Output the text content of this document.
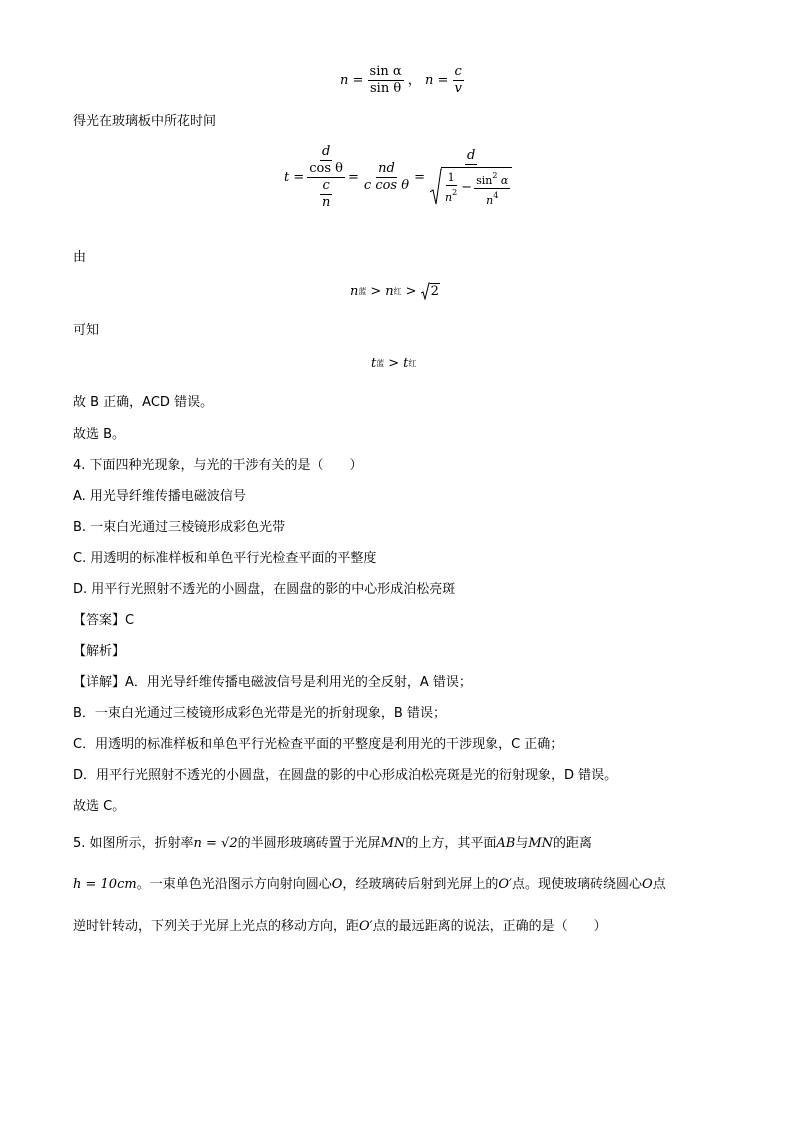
$n = \frac{\text{sin α}}{\text{sin θ}}$ ， $n = \frac{c}{v}$
得光在玻璃板中所花时间
$t = \frac{\frac{d}{\text{cos θ}}}{\frac{c}{n}} = \frac{nd}{\text{c cos θ}}$ =
d
$\frac{1}{n^2} - \frac{\sin^2 \alpha}{n^4}$
由
n 蓝 > n 红 > 2
可知
t 蓝 > t 红
故 B 正确，ACD 错误。
故选 B。
4. 下面四种光现象，与光的干涉有关的是（　　）
A. 用光导纤维传播电磁波信号
B. 一束白光通过三棱镜形成彩色光带
C. 用透明的标准样板和单色平行光检查平面的平整度
D. 用平行光照射不透光的小圆盘，在圆盘的影的中心形成泊松亮斑
【答案】C
【解析】
【详解】A．用光导纤维传播电磁波信号是利用光的全反射，A 错误；
B．一束白光通过三棱镜形成彩色光带是光的折射现象，B 错误；
C．用透明的标准样板和单色平行光检查平面的平整度是利用光的干涉现象，C 正确；
D．用平行光照射不透光的小圆盘，在圆盘的影的中心形成泊松亮斑是光的衍射现象，D 错误。
故选 C。
5. 如图所示，折射率n = √2的半圆形玻璃砖置于光屏MN的上方，其平面AB与MN的距离
h = 10cm。一束单色光沿图示方向射向圆心O，经玻璃砖后射到光屏上的O′点。现使玻璃砖绕圆心O点
逆时针转动，下列关于光屏上光点的移动方向，距O′点的最远距离的说法，正确的是（　　）
